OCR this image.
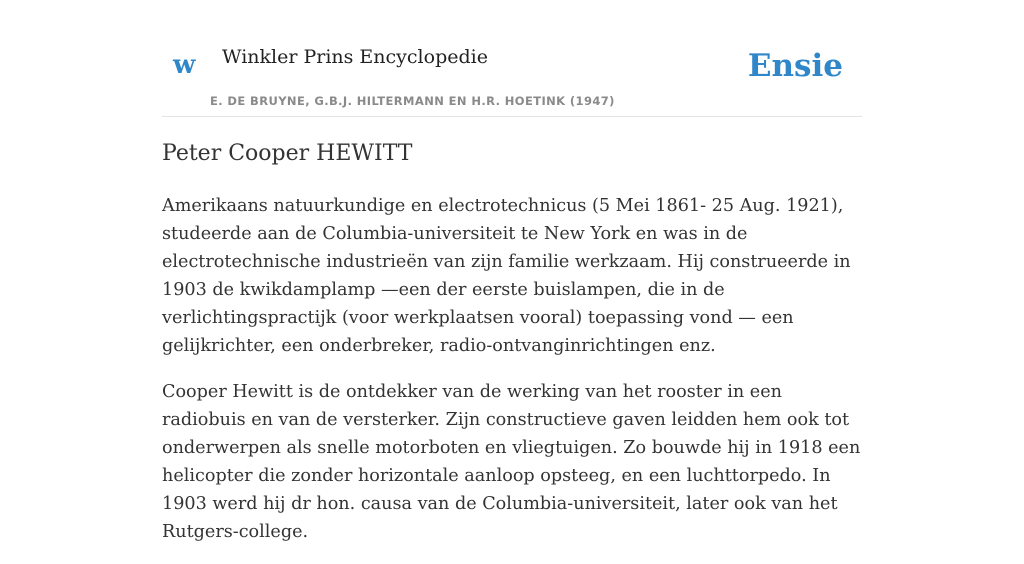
w Winkler Prins Encyclopedie
E. DE BRUYNE, G.B.J. HILTERMANN EN H.R. HOETINK (1947)
Ensie
Peter Cooper HEWITT

Amerikaans natuurkundige en electrotechnicus (5 Mei 1861- 25 Aug. 1921), studeerde aan de Columbia-universiteit te New York en was in de electrotechnische industrieën van zijn familie werkzaam. Hij construeerde in 1903 de kwikdamplamp —een der eerste buislampen, die in de verlichtingspractijk (voor werkplaatsen vooral) toepassing vond — een gelijkrichter, een onderbreker, radio-ontvanginrichtingen enz.

Cooper Hewitt is de ontdekker van de werking van het rooster in een radiobuis en van de versterker. Zijn constructieve gaven leidden hem ook tot onderwerpen als snelle motorboten en vliegtuigen. Zo bouwde hij in 1918 een helicopter die zonder horizontale aanloop opsteeg, en een luchttorpedo. In 1903 werd hij dr hon. causa van de Columbia-universiteit, later ook van het Rutgers-college.
